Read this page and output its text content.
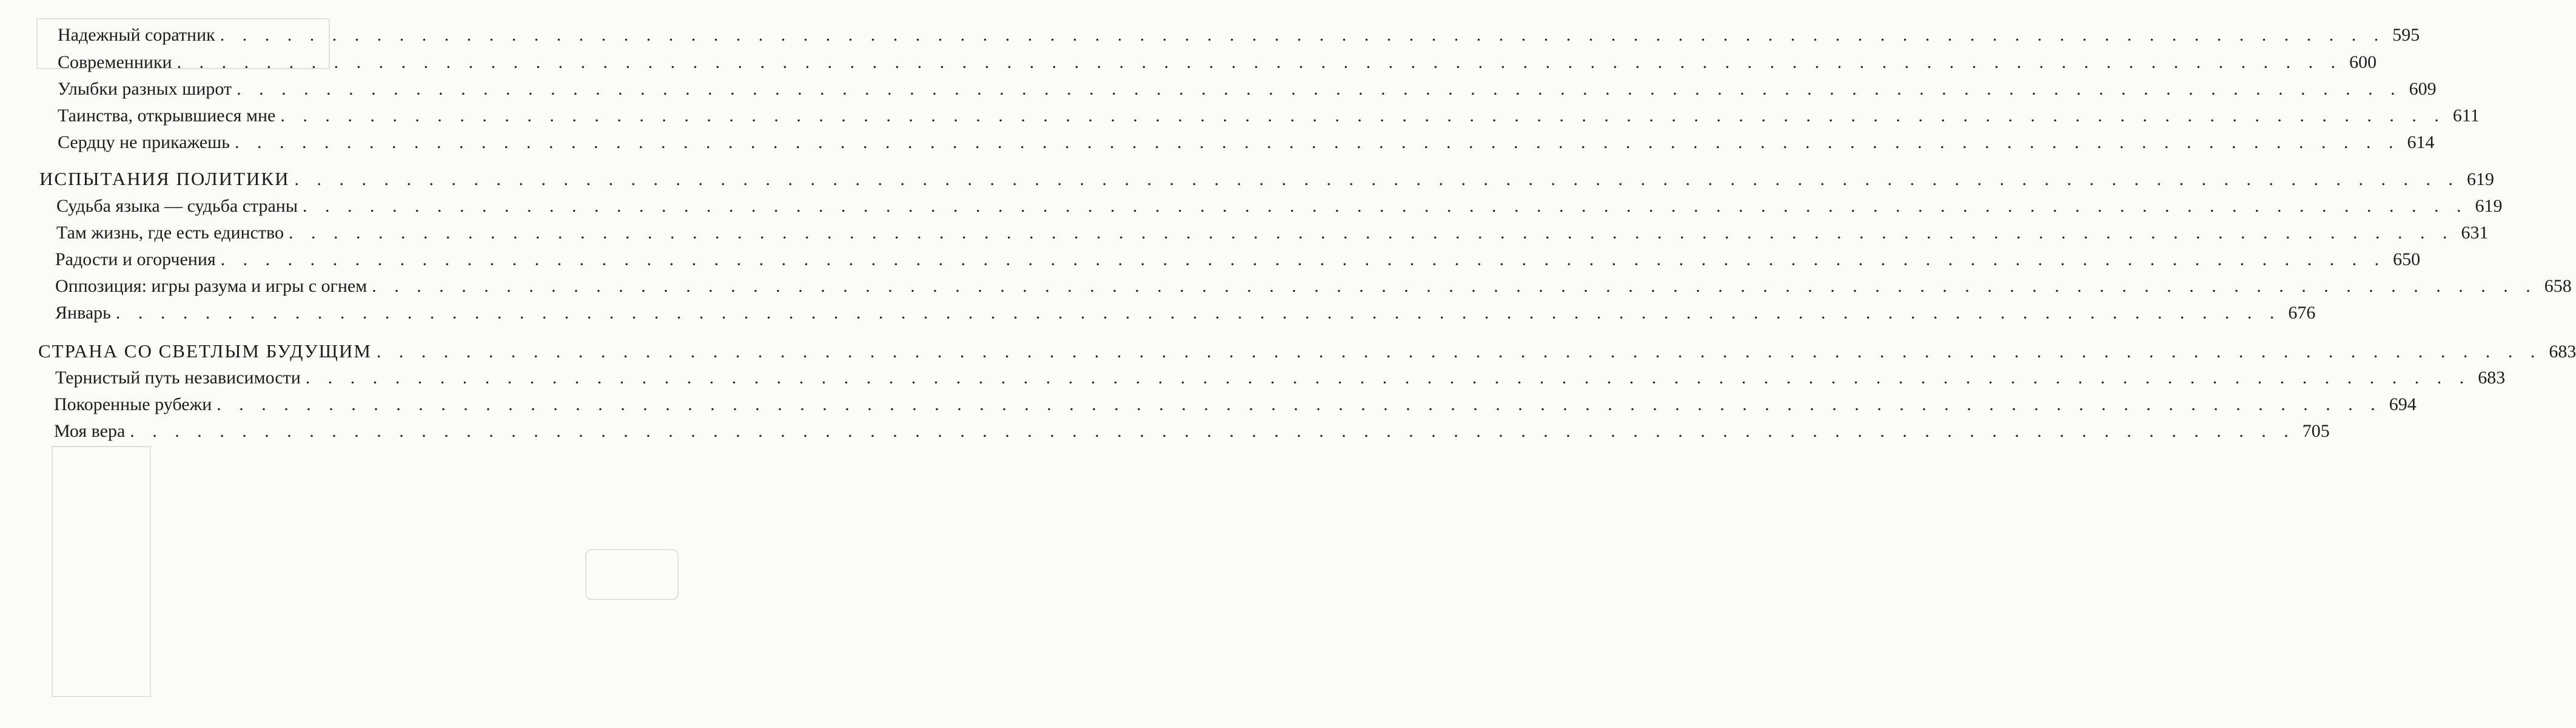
Надежный соратник . . . . . . . . . . . . . . . . . . . . . . . . . . . . . . . . . . . . . . . . . . . . . . . . . . . . . . . . . . . . . . . . . . . . . . . . . . . . . . . . . . . . . . . . . . . . . . . . . 595
Современники . . . . . . . . . . . . . . . . . . . . . . . . . . . . . . . . . . . . . . . . . . . . . . . . . . . . . . . . . . . . . . . . . . . . . . . . . . . . . . . . . . . . . . . . . . . . . . . . . 600
Улыбки разных широт . . . . . . . . . . . . . . . . . . . . . . . . . . . . . . . . . . . . . . . . . . . . . . . . . . . . . . . . . . . . . . . . . . . . . . . . . . . . . . . . . . . . . . . . . . . . . . . . . 609
Таинства, открывшиеся мне . . . . . . . . . . . . . . . . . . . . . . . . . . . . . . . . . . . . . . . . . . . . . . . . . . . . . . . . . . . . . . . . . . . . . . . . . . . . . . . . . . . . . . . . . . . . . . . . . 611
Сердцу не прикажешь . . . . . . . . . . . . . . . . . . . . . . . . . . . . . . . . . . . . . . . . . . . . . . . . . . . . . . . . . . . . . . . . . . . . . . . . . . . . . . . . . . . . . . . . . . . . . . . . . 614
ИСПЫТАНИЯ ПОЛИТИКИ . . . . . . . . . . . . . . . . . . . . . . . . . . . . . . . . . . . . . . . . . . . . . . . . . . . . . . . . . . . . . . . . . . . . . . . . . . . . . . . . . . . . . . . . . . . . . . . . . 619
Судьба языка — судьба страны . . . . . . . . . . . . . . . . . . . . . . . . . . . . . . . . . . . . . . . . . . . . . . . . . . . . . . . . . . . . . . . . . . . . . . . . . . . . . . . . . . . . . . . . . . . . . . . . . 619
Там жизнь, где есть единство . . . . . . . . . . . . . . . . . . . . . . . . . . . . . . . . . . . . . . . . . . . . . . . . . . . . . . . . . . . . . . . . . . . . . . . . . . . . . . . . . . . . . . . . . . . . . . . . . 631
Радости и огорчения . . . . . . . . . . . . . . . . . . . . . . . . . . . . . . . . . . . . . . . . . . . . . . . . . . . . . . . . . . . . . . . . . . . . . . . . . . . . . . . . . . . . . . . . . . . . . . . . . 650
Оппозиция: игры разума и игры с огнем . . . . . . . . . . . . . . . . . . . . . . . . . . . . . . . . . . . . . . . . . . . . . . . . . . . . . . . . . . . . . . . . . . . . . . . . . . . . . . . . . . . . . . . . . . . . . . . . . 658
Январь . . . . . . . . . . . . . . . . . . . . . . . . . . . . . . . . . . . . . . . . . . . . . . . . . . . . . . . . . . . . . . . . . . . . . . . . . . . . . . . . . . . . . . . . . . . . . . . . . 676
СТРАНА СО СВЕТЛЫМ БУДУЩИМ . . . . . . . . . . . . . . . . . . . . . . . . . . . . . . . . . . . . . . . . . . . . . . . . . . . . . . . . . . . . . . . . . . . . . . . . . . . . . . . . . . . . . . . . . . . . . . . . . 683
Тернистый путь независимости . . . . . . . . . . . . . . . . . . . . . . . . . . . . . . . . . . . . . . . . . . . . . . . . . . . . . . . . . . . . . . . . . . . . . . . . . . . . . . . . . . . . . . . . . . . . . . . . . 683
Покоренные рубежи . . . . . . . . . . . . . . . . . . . . . . . . . . . . . . . . . . . . . . . . . . . . . . . . . . . . . . . . . . . . . . . . . . . . . . . . . . . . . . . . . . . . . . . . . . . . . . . . . 694
Моя вера . . . . . . . . . . . . . . . . . . . . . . . . . . . . . . . . . . . . . . . . . . . . . . . . . . . . . . . . . . . . . . . . . . . . . . . . . . . . . . . . . . . . . . . . . . . . . . . . . 705
